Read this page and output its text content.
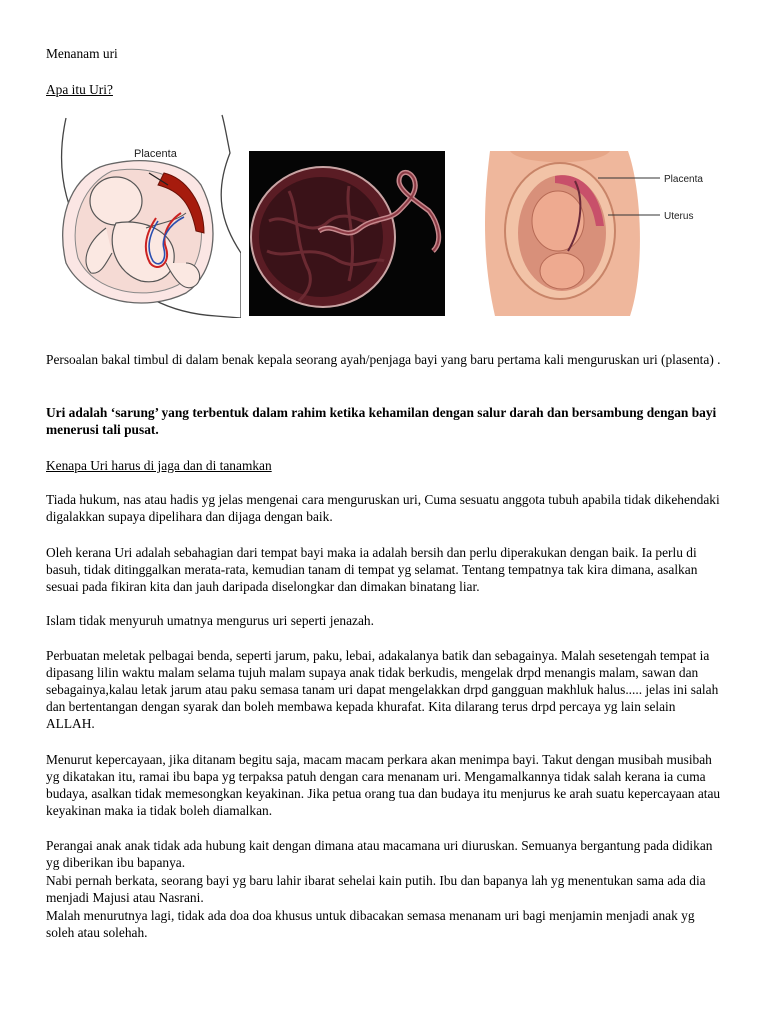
Menanam uri

Apa itu Uri?

Placenta
Placenta
Uterus

Persoalan bakal timbul di dalam benak kepala seorang ayah/penjaga bayi yang baru pertama kali menguruskan uri (plasenta) .

Uri adalah ‘sarung’ yang terbentuk dalam rahim ketika kehamilan dengan salur darah dan bersambung dengan bayi menerusi tali pusat.

Kenapa Uri harus di jaga dan di tanamkan

Tiada hukum, nas atau hadis yg jelas mengenai cara menguruskan uri, Cuma sesuatu anggota tubuh apabila tidak dikehendaki digalakkan supaya dipelihara dan dijaga dengan baik.

Oleh kerana Uri adalah sebahagian dari tempat bayi maka ia adalah bersih dan perlu diperakukan dengan baik. Ia perlu di basuh, tidak ditinggalkan merata-rata, kemudian tanam di tempat yg selamat. Tentang tempatnya tak kira dimana, asalkan sesuai pada fikiran kita dan jauh daripada diselongkar dan dimakan binatang liar.

Islam tidak menyuruh umatnya mengurus uri seperti jenazah.

Perbuatan meletak pelbagai benda, seperti jarum, paku, lebai, adakalanya batik dan sebagainya. Malah sesetengah tempat ia dipasang lilin waktu malam selama tujuh malam supaya anak tidak berkudis, mengelak drpd menangis malam, sawan dan sebagainya,kalau letak jarum atau paku semasa tanam uri dapat mengelakkan drpd gangguan makhluk halus..... jelas ini salah dan bertentangan dengan syarak dan boleh membawa kepada khurafat. Kita dilarang terus drpd percaya yg lain selain ALLAH.

Menurut kepercayaan, jika ditanam begitu saja, macam macam perkara akan menimpa bayi. Takut dengan musibah musibah yg dikatakan itu, ramai ibu bapa yg terpaksa patuh dengan cara menanam uri. Mengamalkannya tidak salah kerana ia cuma budaya, asalkan tidak memesongkan keyakinan. Jika petua orang tua dan budaya itu menjurus ke arah suatu kepercayaan atau keyakinan maka ia tidak boleh diamalkan.

Perangai anak anak tidak ada hubung kait dengan dimana atau macamana uri diuruskan. Semuanya bergantung pada didikan yg diberikan ibu bapanya.

Nabi pernah berkata, seorang bayi yg baru lahir ibarat sehelai kain putih. Ibu dan bapanya lah yg menentukan sama ada dia menjadi Majusi atau Nasrani.

Malah menurutnya lagi, tidak ada doa doa khusus untuk dibacakan semasa menanam uri bagi menjamin menjadi anak yg soleh atau solehah.
